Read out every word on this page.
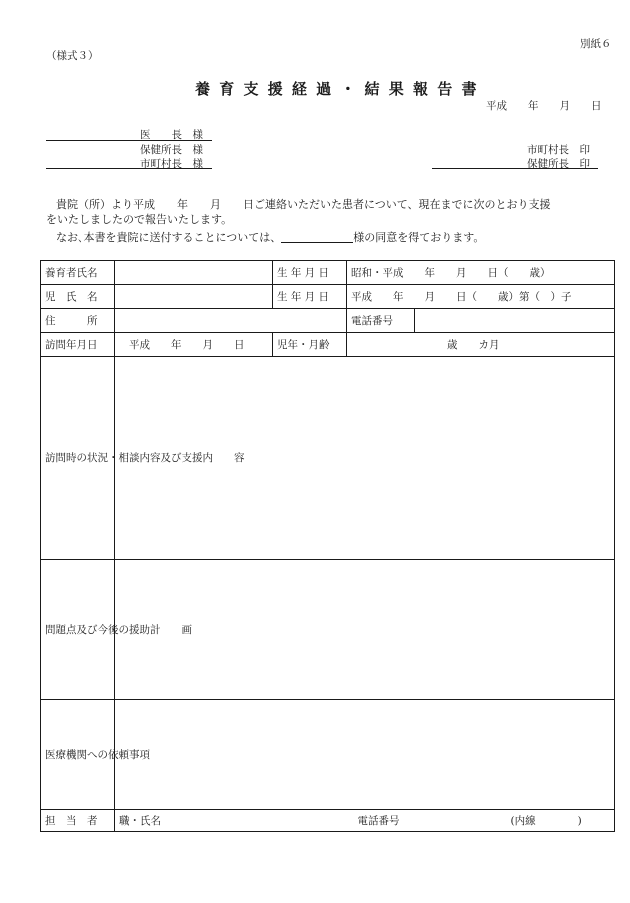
別紙６
（様式３）
養 育 支 援 経 過 ・ 結 果 報 告 書
平成　　年　　月　　日
医　　長　様
保健所長　様
市町村長　様
市町村長　印
保健所長　印
貴院（所）より平成　　年　　月　　日ご連絡いただいた患者について、現在までに次のとおり支援
をいたしましたので報告いたします。
なお､本書を貴院に送付することについては、	様の同意を得ております。
養育者氏名		生 年 月 日	昭和・平成　　年　　月　　日（　　歳）	
児　氏　名		生 年 月 日	平成　　年　　月　　日（　　歳）第（　）子	
住　　　所			電話番号	
訪問年月日	平成　　年　　月　　日	児年・月齢	歳　　カ月	
訪問時の状況・相談内容及び支援内　　容				
問題点及び今後の援助計　　画				
医療機関への依頼事項				
担　当　者	職・氏名 電話番号 (内線　　　　)			
